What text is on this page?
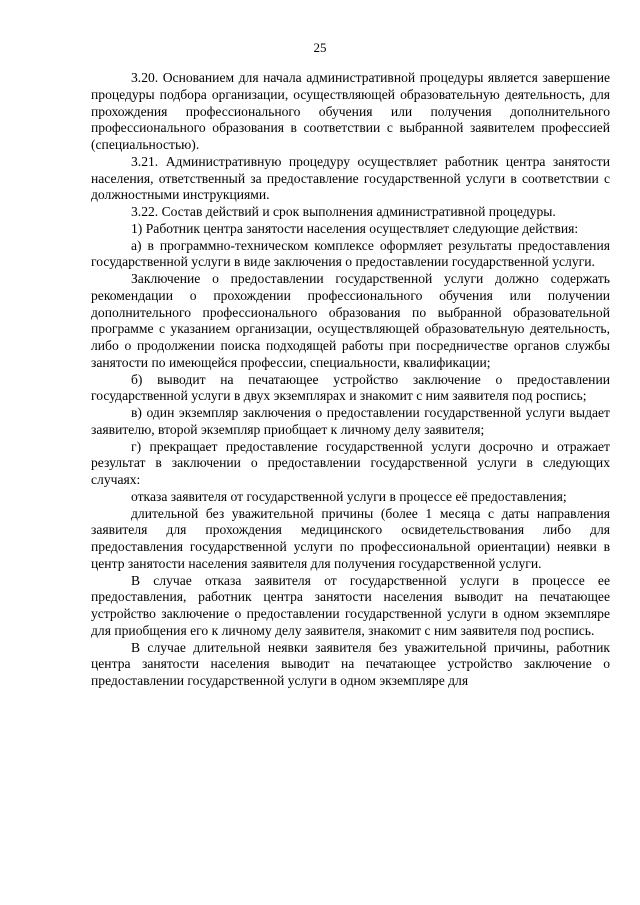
25

3.20. Основанием для начала административной процедуры является завершение процедуры подбора организации, осуществляющей образовательную деятельность, для прохождения профессионального обучения или получения дополнительного профессионального образования в соответствии с выбранной заявителем профессией (специальностью).

3.21. Административную процедуру осуществляет работник центра занятости населения, ответственный за предоставление государственной услуги в соответствии с должностными инструкциями.

3.22. Состав действий и срок выполнения административной процедуры.

1) Работник центра занятости населения осуществляет следующие действия:

а) в программно-техническом комплексе оформляет результаты предоставления государственной услуги в виде заключения о предоставлении государственной услуги.

Заключение о предоставлении государственной услуги должно содержать рекомендации о прохождении профессионального обучения или получении дополнительного профессионального образования по выбранной образовательной программе с указанием организации, осуществляющей образовательную деятельность, либо о продолжении поиска подходящей работы при посредничестве органов службы занятости по имеющейся профессии, специальности, квалификации;

б) выводит на печатающее устройство заключение о предоставлении государственной услуги в двух экземплярах и знакомит с ним заявителя под роспись;

в) один экземпляр заключения о предоставлении государственной услуги выдает заявителю, второй экземпляр приобщает к личному делу заявителя;

г) прекращает предоставление государственной услуги досрочно и отражает результат в заключении о предоставлении государственной услуги в следующих случаях:

отказа заявителя от государственной услуги в процессе её предоставления;

длительной без уважительной причины (более 1 месяца с даты направления заявителя для прохождения медицинского освидетельствования либо для предоставления государственной услуги по профессиональной ориентации) неявки в центр занятости населения заявителя для получения государственной услуги.

В случае отказа заявителя от государственной услуги в процессе ее предоставления, работник центра занятости населения выводит на печатающее устройство заключение о предоставлении государственной услуги в одном экземпляре для приобщения его к личному делу заявителя, знакомит с ним заявителя под роспись.

В случае длительной неявки заявителя без уважительной причины, работник центра занятости населения выводит на печатающее устройство заключение о предоставлении государственной услуги в одном экземпляре для
